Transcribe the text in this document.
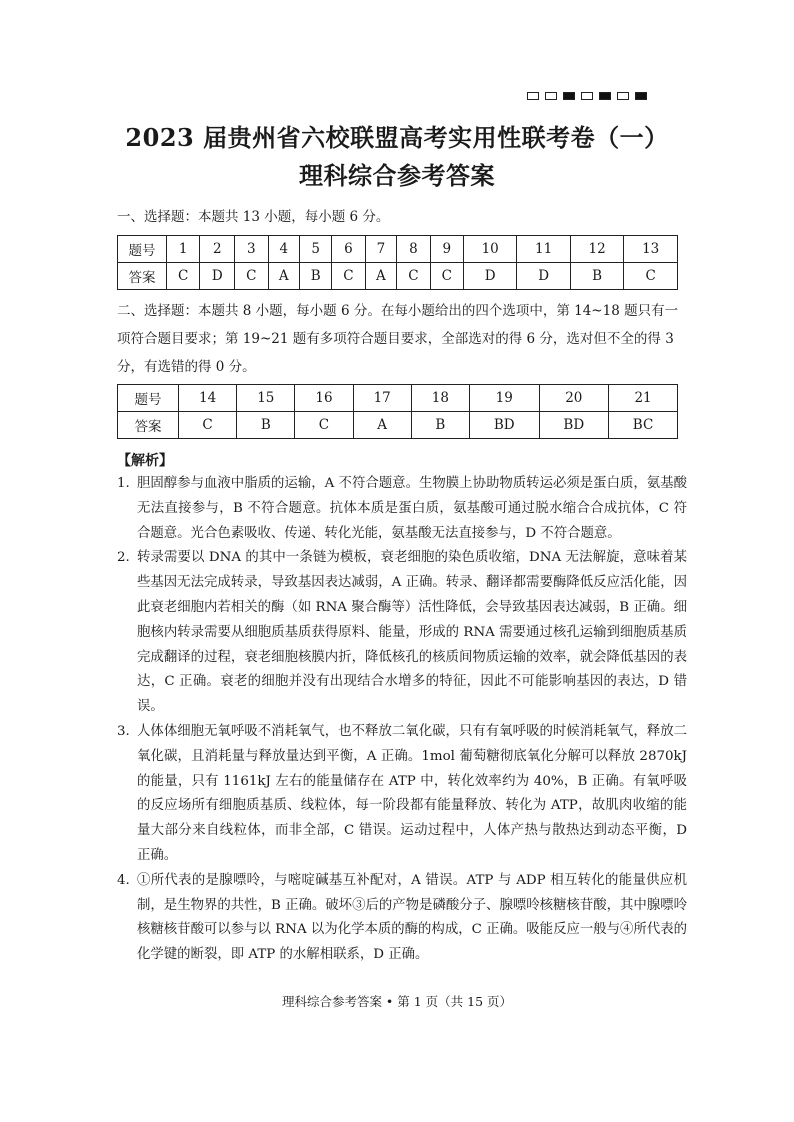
2023 届贵州省六校联盟高考实用性联考卷（一）
理科综合参考答案
一、选择题：本题共 13 小题，每小题 6 分。
题号	1	2	3	4	5	6	7	8	9	10	11	12	13
答案	C	D	C	A	B	C	A	C	C	D	D	B	C
二、选择题：本题共 8 小题，每小题 6 分。在每小题给出的四个选项中，第 14~18 题只有一项符合题目要求；第 19~21 题有多项符合题目要求，全部选对的得 6 分，选对但不全的得 3 分，有选错的得 0 分。
题号	14	15	16	17	18	19	20	21
答案	C	B	C	A	B	BD	BD	BC
【解析】
1. 胆固醇参与血液中脂质的运输，A 不符合题意。生物膜上协助物质转运必须是蛋白质，氨基酸无法直接参与，B 不符合题意。抗体本质是蛋白质，氨基酸可通过脱水缩合合成抗体，C 符合题意。光合色素吸收、传递、转化光能，氨基酸无法直接参与，D 不符合题意。
2. 转录需要以 DNA 的其中一条链为模板，衰老细胞的染色质收缩，DNA 无法解旋，意味着某些基因无法完成转录，导致基因表达减弱，A 正确。转录、翻译都需要酶降低反应活化能，因此衰老细胞内若相关的酶（如 RNA 聚合酶等）活性降低，会导致基因表达减弱，B 正确。细胞核内转录需要从细胞质基质获得原料、能量，形成的 RNA 需要通过核孔运输到细胞质基质完成翻译的过程，衰老细胞核膜内折，降低核孔的核质间物质运输的效率，就会降低基因的表达，C 正确。衰老的细胞并没有出现结合水增多的特征，因此不可能影响基因的表达，D 错误。
3. 人体体细胞无氧呼吸不消耗氧气，也不释放二氧化碳，只有有氧呼吸的时候消耗氧气，释放二氧化碳，且消耗量与释放量达到平衡，A 正确。1mol 葡萄糖彻底氧化分解可以释放 2870kJ 的能量，只有 1161kJ 左右的能量储存在 ATP 中，转化效率约为 40%，B 正确。有氧呼吸的反应场所有细胞质基质、线粒体，每一阶段都有能量释放、转化为 ATP，故肌肉收缩的能量大部分来自线粒体，而非全部，C 错误。运动过程中，人体产热与散热达到动态平衡，D 正确。
4. ①所代表的是腺嘌呤，与嘧啶碱基互补配对，A 错误。ATP 与 ADP 相互转化的能量供应机制，是生物界的共性，B 正确。破坏③后的产物是磷酸分子、腺嘌呤核糖核苷酸，其中腺嘌呤核糖核苷酸可以参与以 RNA 以为化学本质的酶的构成，C 正确。吸能反应一般与④所代表的化学键的断裂，即 ATP 的水解相联系，D 正确。
理科综合参考答案 • 第 1 页（共 15 页）
